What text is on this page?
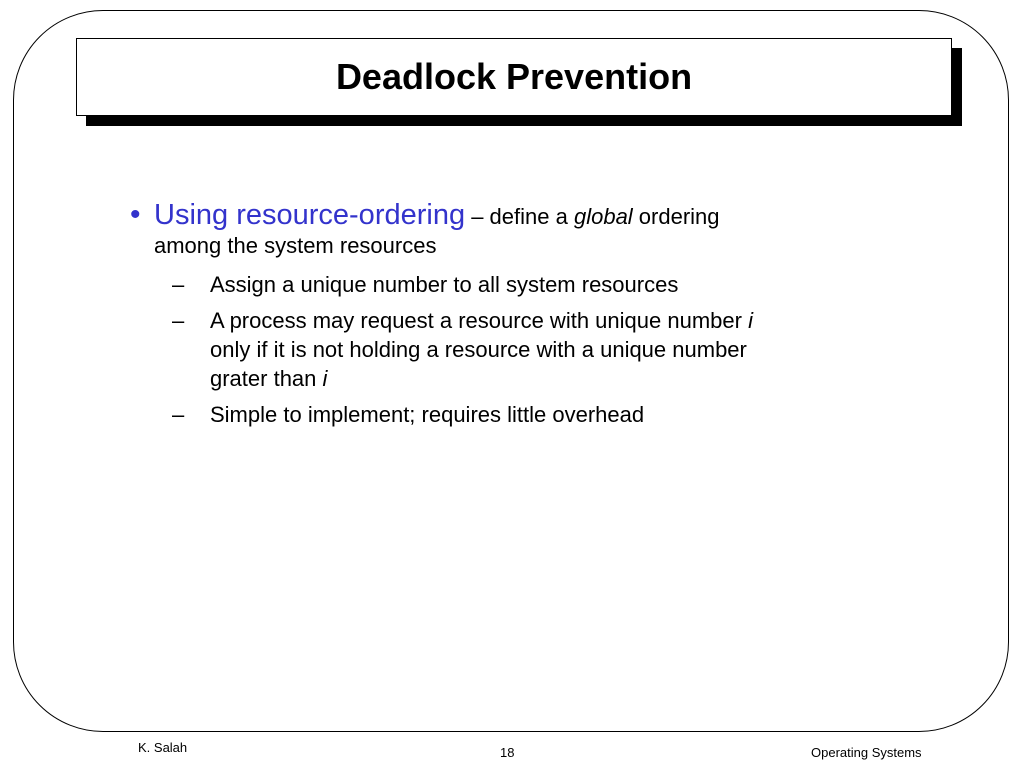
Deadlock Prevention
• Using resource-ordering – define a global ordering
among the system resources
– Assign a unique number to all system resources
– A process may request a resource with unique number i
only if it is not holding a resource with a unique number
grater than i
– Simple to implement; requires little overhead
K. Salah	18	Operating Systems
